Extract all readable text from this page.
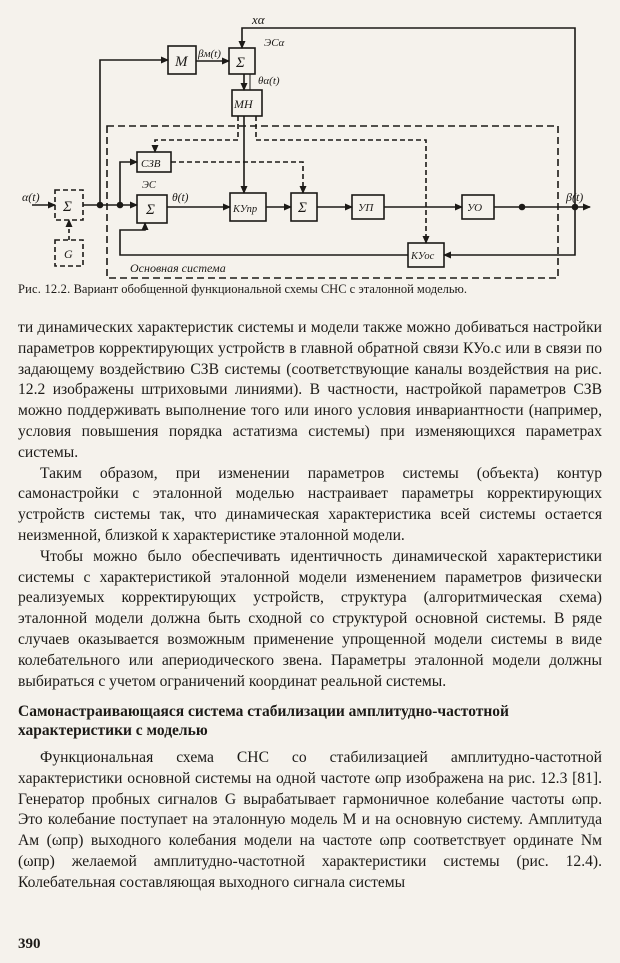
M	Σ
MH
СЗВ
Σ	КУпр	Σ	УП	УО
КУос
Σ
G
xα
βм(t)
ЭCα
θα(t)
ЭC
θ(t)
α(t)	β(t)
Основная система
Рис. 12.2. Вариант обобщенной функциональной схемы СНС с эталонной моделью.

ти динамических характеристик системы и модели также можно добиваться настройки параметров корректирующих устройств в главной обратной связи КУо.с или в связи по задающему воздействию СЗВ системы (соответствующие каналы воздействия на рис. 12.2 изображены штриховыми линиями). В частности, настройкой параметров СЗВ можно поддерживать выполнение того или иного условия инвариантности (например, условия повышения порядка астатизма системы) при изменяющихся параметрах системы.

Таким образом, при изменении параметров системы (объекта) контур самонастройки с эталонной моделью настраивает параметры корректирующих устройств системы так, что динамическая характеристика всей системы остается неизменной, близкой к характеристике эталонной модели.

Чтобы можно было обеспечивать идентичность динамической характеристики системы с характеристикой эталонной модели изменением параметров физически реализуемых корректирующих устройств, структура (алгоритмическая схема) эталонной модели должна быть сходной со структурой основной системы. В ряде случаев оказывается возможным применение упрощенной модели системы в виде колебательного или апериодического звена. Параметры эталонной модели должны выбираться с учетом ограничений координат реальной системы.

Самонастраивающаяся система стабилизации амплитудно-частотной характеристики с моделью

Функциональная схема СНС со стабилизацией амплитудно-частотной характеристики основной системы на одной частоте ωпр изображена на рис. 12.3 [81]. Генератор пробных сигналов G вырабатывает гармоничное колебание частоты ωпр. Это колебание поступает на эталонную модель M и на основную систему. Амплитуда Aм (ωпр) выходного колебания модели на частоте ωпр соответствует ординате Nм (ωпр) желаемой амплитудно-частотной характеристики системы (рис. 12.4). Колебательная составляющая выходного сигнала системы

390
